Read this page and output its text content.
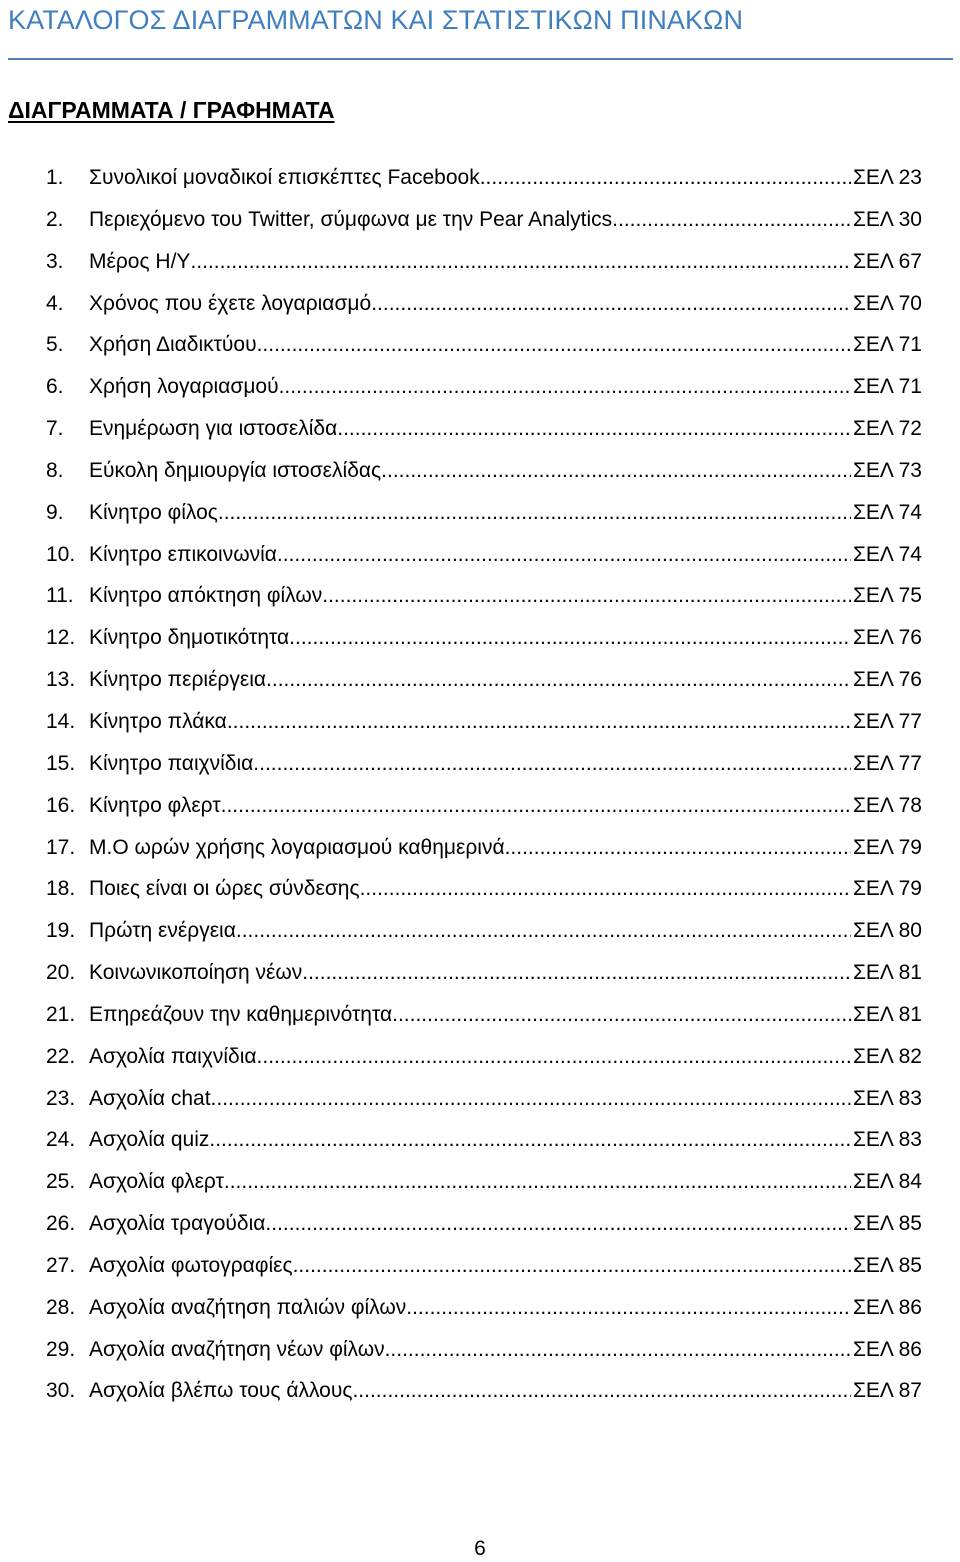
ΚΑΤΑΛΟΓΟΣ ΔΙΑΓΡΑΜΜΑΤΩΝ ΚΑΙ ΣΤΑΤΙΣΤΙΚΩΝ ΠΙΝΑΚΩΝ
ΔΙΑΓΡΑΜΜΑΤΑ / ΓΡΑΦΗΜΑΤΑ
1.	Συνολικοί μοναδικοί επισκέπτες Facebook .....	ΣΕΛ 23
2.	Περιεχόμενο του Twitter, σύμφωνα με την Pear Analytics .....	ΣΕΛ 30
3.	Μέρος Η/Υ .....	ΣΕΛ 67
4.	Χρόνος που έχετε λογαριασμό .....	ΣΕΛ 70
5.	Χρήση Διαδικτύου .....	ΣΕΛ 71
6.	Χρήση λογαριασμού .....	ΣΕΛ 71
7.	Ενημέρωση για ιστοσελίδα .....	ΣΕΛ 72
8.	Εύκολη δημιουργία ιστοσελίδας .....	ΣΕΛ 73
9.	Κίνητρο φίλος .....	ΣΕΛ 74
10. Κίνητρο επικοινωνία .....	ΣΕΛ 74
11. Κίνητρο απόκτηση φίλων .....	ΣΕΛ 75
12. Κίνητρο δημοτικότητα .....	ΣΕΛ 76
13. Κίνητρο περιέργεια .....	ΣΕΛ 76
14. Κίνητρο πλάκα .....	ΣΕΛ 77
15. Κίνητρο παιχνίδια .....	ΣΕΛ 77
16. Κίνητρο φλερτ .....	ΣΕΛ 78
17. Μ.Ο ωρών χρήσης λογαριασμού καθημερινά .....	ΣΕΛ 79
18. Ποιες είναι οι ώρες σύνδεσης .....	ΣΕΛ 79
19. Πρώτη ενέργεια .....	ΣΕΛ 80
20. Κοινωνικοποίηση νέων .....	ΣΕΛ 81
21. Επηρεάζουν την καθημερινότητα .....	ΣΕΛ 81
22. Ασχολία παιχνίδια .....	ΣΕΛ 82
23. Ασχολία chat .....	ΣΕΛ 83
24. Ασχολία quiz .....	ΣΕΛ 83
25. Ασχολία φλερτ .....	ΣΕΛ 84
26. Ασχολία τραγούδια .....	ΣΕΛ 85
27. Ασχολία φωτογραφίες .....	ΣΕΛ 85
28. Ασχολία αναζήτηση παλιών φίλων .....	ΣΕΛ 86
29. Ασχολία αναζήτηση νέων φίλων .....	ΣΕΛ 86
30. Ασχολία βλέπω τους άλλους .....	ΣΕΛ 87
6
